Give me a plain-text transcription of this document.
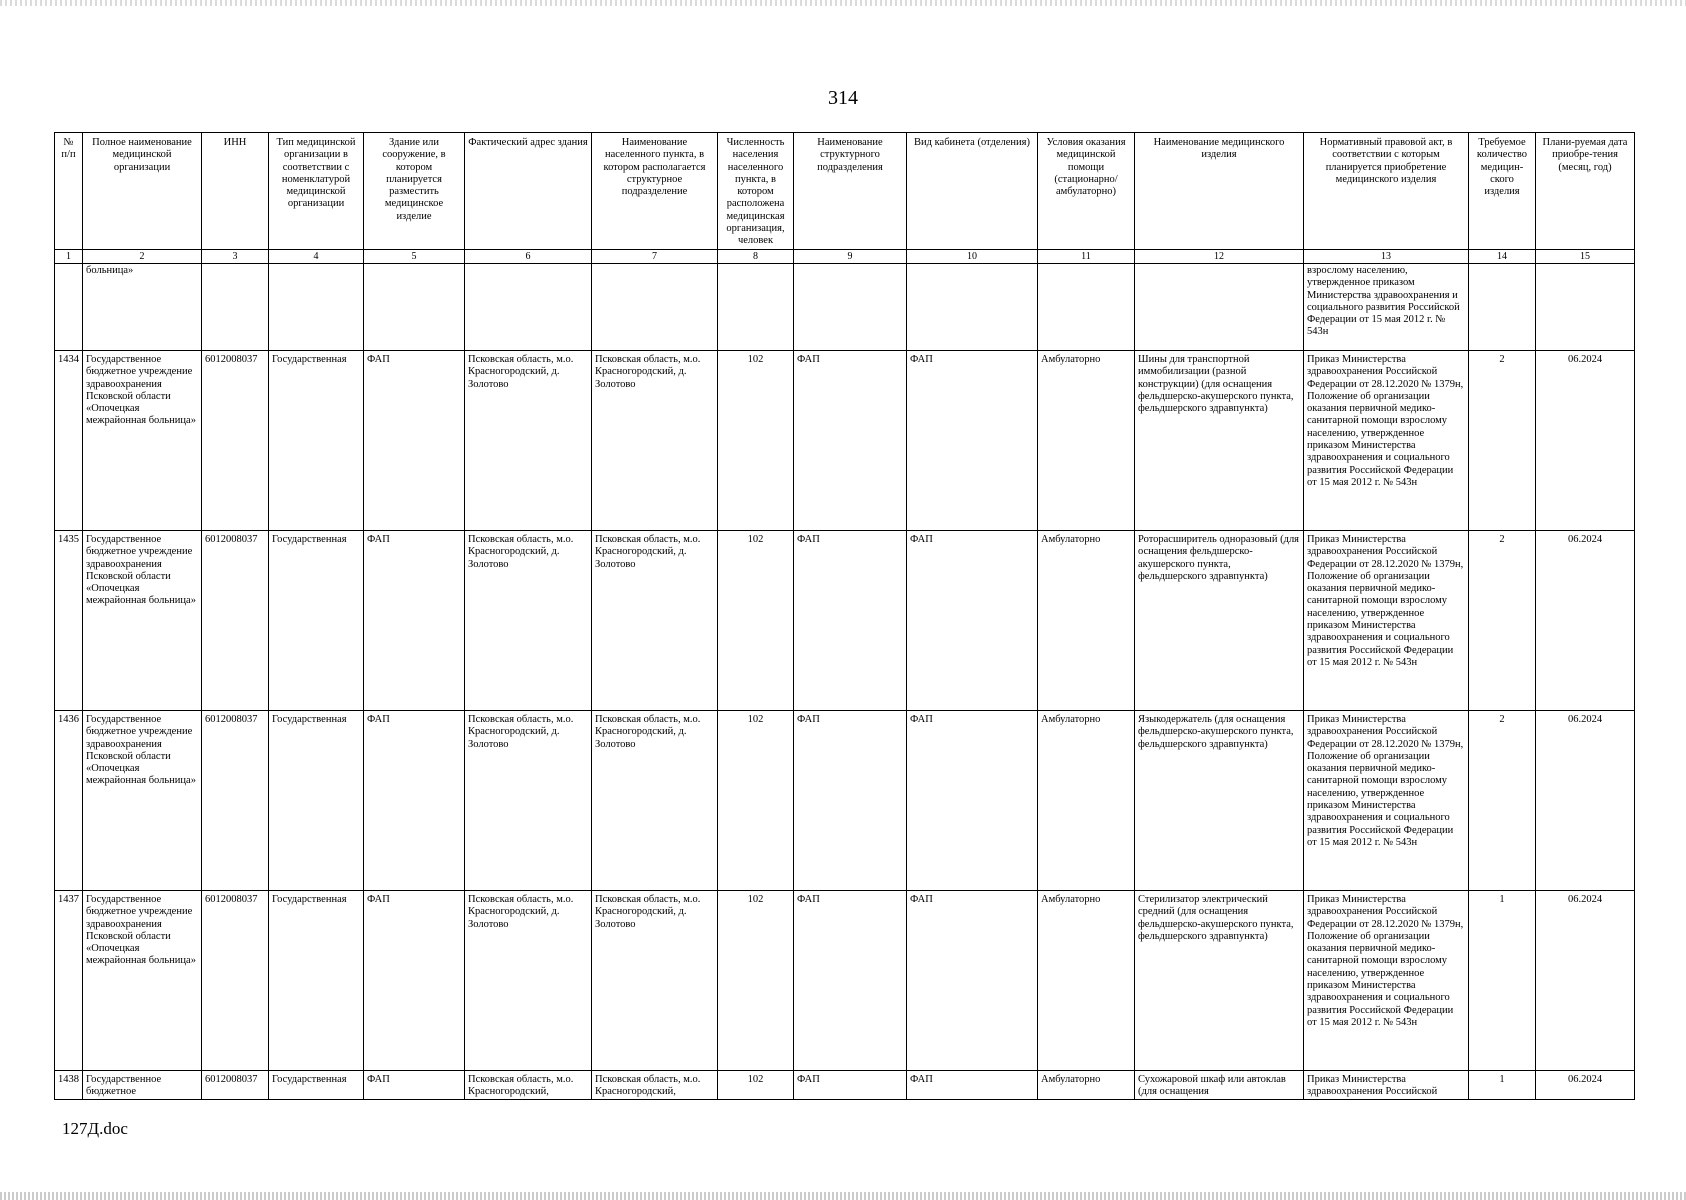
314
№ п/п	Полное наименование медицинской организации	ИНН	Тип медицинской организации в соответствии с номенклатурой медицинской организации	Здание или сооружение, в котором планируется разместить медицинское изделие	Фактический адрес здания	Наименование населенного пункта, в котором располагается структурное подразделение	Численность населения населенного пункта, в котором расположена медицинская организация, человек	Наименование структурного подразделения	Вид кабинета (отделения)	Условия оказания медицинской помощи (стационарно/ амбулаторно)	Наименование медицинского изделия	Нормативный правовой акт, в соответствии с которым планируется приобретение медицинского изделия	Требуемое количество медицин-ского изделия	Плани-руемая дата приобре-тения (месяц, год)
1	2	3	4	5	6	7	8	9	10	11	12	13	14	15
	больница»											взрослому населению, утвержденное приказом Министерства здравоохранения и социального развития Российской Федерации от 15 мая 2012 г. № 543н		
1434	Государственное бюджетное учреждение здравоохранения Псковской области «Опочецкая межрайонная больница»	6012008037	Государственная	ФАП	Псковская область, м.о. Красногородский, д. Золотово	Псковская область, м.о. Красногородский, д. Золотово	102	ФАП	ФАП	Амбулаторно	Шины для транспортной иммобилизации (разной конструкции) (для оснащения фельдшерско-акушерского пункта, фельдшерского здравпункта)	Приказ Министерства здравоохранения Российской Федерации от 28.12.2020 № 1379н, Положение об организации оказания первичной медико-санитарной помощи взрослому населению, утвержденное приказом Министерства здравоохранения и социального развития Российской Федерации от 15 мая 2012 г. № 543н	2	06.2024
1435	Государственное бюджетное учреждение здравоохранения Псковской области «Опочецкая межрайонная больница»	6012008037	Государственная	ФАП	Псковская область, м.о. Красногородский, д. Золотово	Псковская область, м.о. Красногородский, д. Золотово	102	ФАП	ФАП	Амбулаторно	Роторасширитель одноразовый (для оснащения фельдшерско-акушерского пункта, фельдшерского здравпункта)	Приказ Министерства здравоохранения Российской Федерации от 28.12.2020 № 1379н, Положение об организации оказания первичной медико-санитарной помощи взрослому населению, утвержденное приказом Министерства здравоохранения и социального развития Российской Федерации от 15 мая 2012 г. № 543н	2	06.2024
1436	Государственное бюджетное учреждение здравоохранения Псковской области «Опочецкая межрайонная больница»	6012008037	Государственная	ФАП	Псковская область, м.о. Красногородский, д. Золотово	Псковская область, м.о. Красногородский, д. Золотово	102	ФАП	ФАП	Амбулаторно	Языкодержатель (для оснащения фельдшерско-акушерского пункта, фельдшерского здравпункта)	Приказ Министерства здравоохранения Российской Федерации от 28.12.2020 № 1379н, Положение об организации оказания первичной медико-санитарной помощи взрослому населению, утвержденное приказом Министерства здравоохранения и социального развития Российской Федерации от 15 мая 2012 г. № 543н	2	06.2024
1437	Государственное бюджетное учреждение здравоохранения Псковской области «Опочецкая межрайонная больница»	6012008037	Государственная	ФАП	Псковская область, м.о. Красногородский, д. Золотово	Псковская область, м.о. Красногородский, д. Золотово	102	ФАП	ФАП	Амбулаторно	Стерилизатор электрический средний (для оснащения фельдшерско-акушерского пункта, фельдшерского здравпункта)	Приказ Министерства здравоохранения Российской Федерации от 28.12.2020 № 1379н, Положение об организации оказания первичной медико-санитарной помощи взрослому населению, утвержденное приказом Министерства здравоохранения и социального развития Российской Федерации от 15 мая 2012 г. № 543н	1	06.2024
1438	Государственное бюджетное	6012008037	Государственная	ФАП	Псковская область, м.о. Красногородский,	Псковская область, м.о. Красногородский,	102	ФАП	ФАП	Амбулаторно	Сухожаровой шкаф или автоклав (для оснащения	Приказ Министерства здравоохранения Российской	1	06.2024
127Д.doc
